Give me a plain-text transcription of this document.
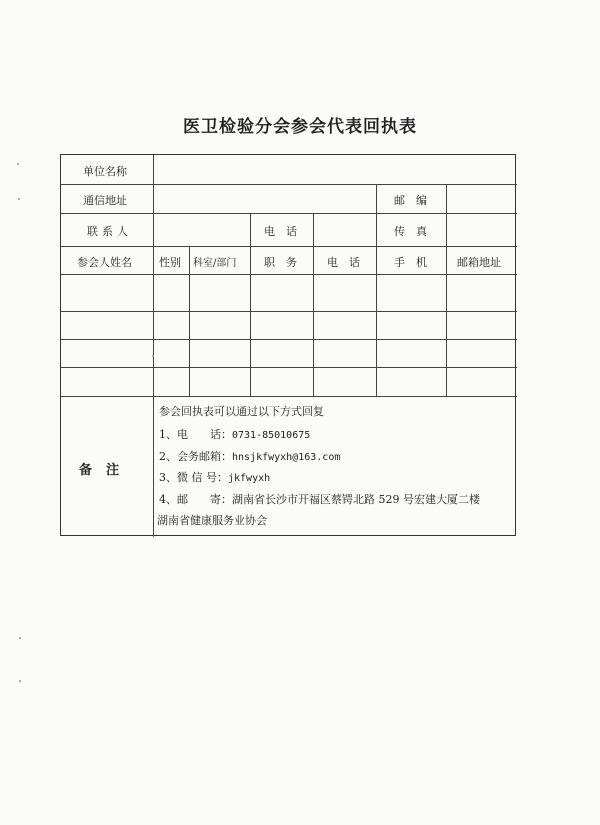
医卫检验分会参会代表回执表
单位名称
通信地址	邮　编
联系人	电　话	传　真
参会人姓名 性别 科室/部门	职　务	电　话	手　机	邮箱地址
备注
参会回执表可以通过以下方式回复
1、电　　话：0731-85010675
2、会务邮箱：hnsjkfwyxh@163.com
3、微 信 号：jkfwyxh
4、邮　　寄：湖南省长沙市开福区蔡锷北路 529 号宏建大厦二楼
湖南省健康服务业协会
